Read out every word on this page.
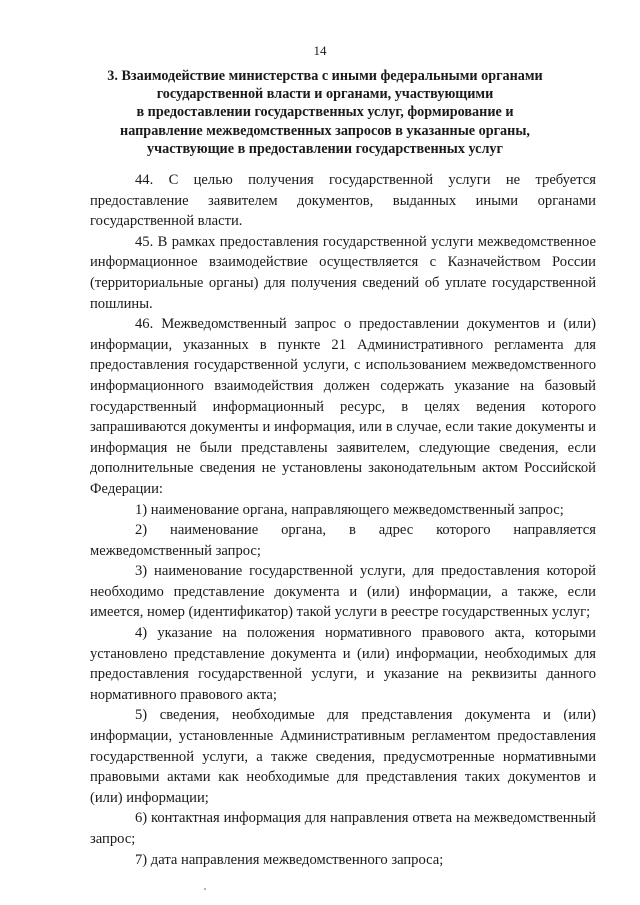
14
3. Взаимодействие министерства с иными федеральными органами
государственной власти и органами, участвующими
в предоставлении государственных услуг, формирование и
направление межведомственных запросов в указанные органы,
участвующие в предоставлении государственных услуг

44. С целью получения государственной услуги не требуется предоставление заявителем документов, выданных иными органами государственной власти.

45. В рамках предоставления государственной услуги межведомственное информационное взаимодействие осуществляется с Казначейством России (территориальные органы) для получения сведений об уплате государственной пошлины.

46. Межведомственный запрос о предоставлении документов и (или) информации, указанных в пункте 21 Административного регламента для предоставления государственной услуги, с использованием межведомственного информационного взаимодействия должен содержать указание на базовый государственный информационный ресурс, в целях ведения которого запрашиваются документы и информация, или в случае, если такие документы и информация не были представлены заявителем, следующие сведения, если дополнительные сведения не установлены законодательным актом Российской Федерации:

1) наименование органа, направляющего межведомственный запрос;

2) наименование органа, в адрес которого направляется межведомственный запрос;

3) наименование государственной услуги, для предоставления которой необходимо представление документа и (или) информации, а также, если имеется, номер (идентификатор) такой услуги в реестре государственных услуг;

4) указание на положения нормативного правового акта, которыми установлено представление документа и (или) информации, необходимых для предоставления государственной услуги, и указание на реквизиты данного нормативного правового акта;

5) сведения, необходимые для представления документа и (или) информации, установленные Административным регламентом предоставления государственной услуги, а также сведения, предусмотренные нормативными правовыми актами как необходимые для представления таких документов и (или) информации;

6) контактная информация для направления ответа на межведомственный запрос;

7) дата направления межведомственного запроса;
